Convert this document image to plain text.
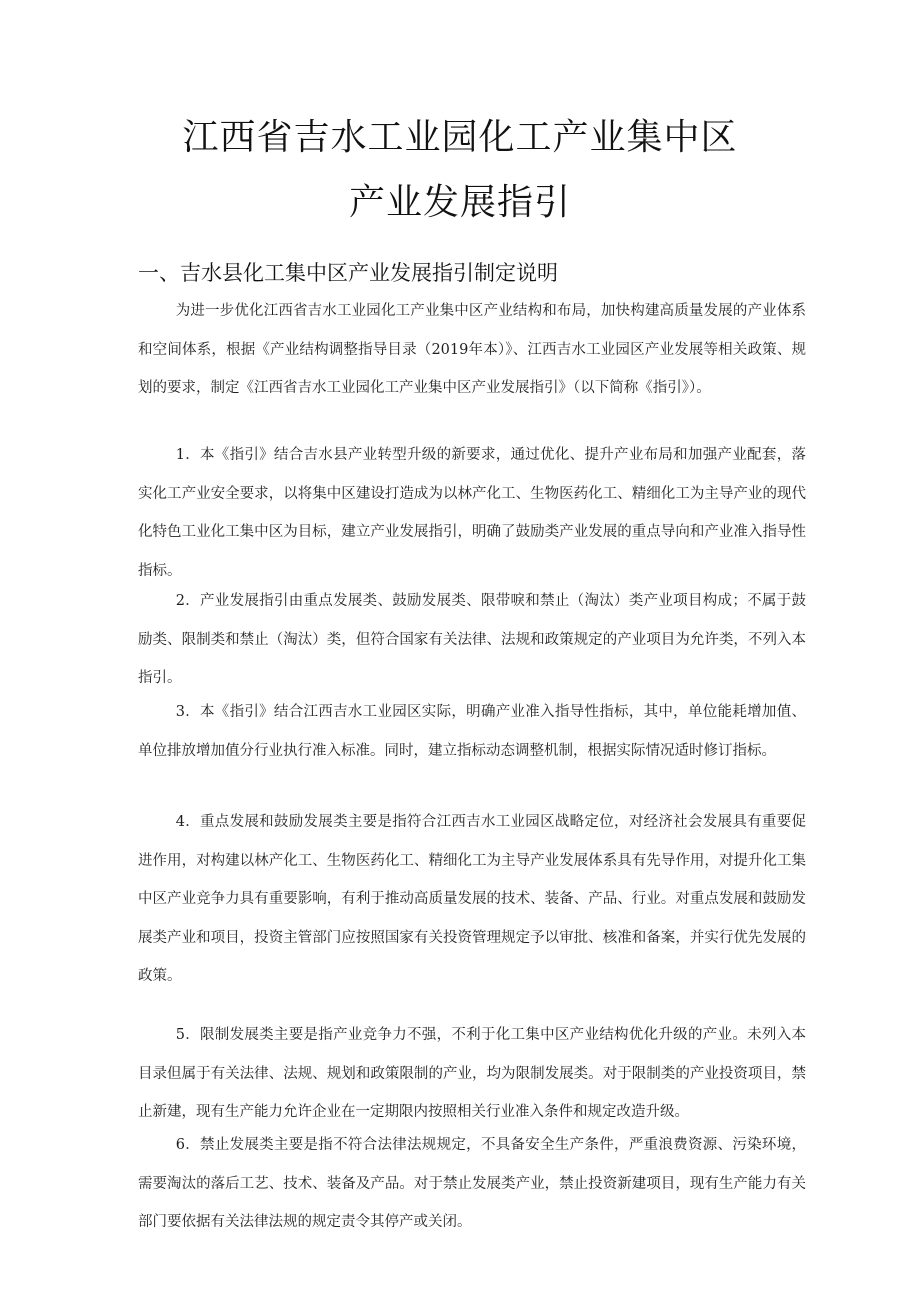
江西省吉水工业园化工产业集中区
产业发展指引
一、吉水县化工集中区产业发展指引制定说明

为进一步优化江西省吉水工业园化工产业集中区产业结构和布局，加快构建高质量发展的产业体系和空间体系，根据《产业结构调整指导目录（2019年本）》、江西吉水工业园区产业发展等相关政策、规划的要求，制定《江西省吉水工业园化工产业集中区产业发展指引》（以下简称《指引》）。

1．本《指引》结合吉水县产业转型升级的新要求，通过优化、提升产业布局和加强产业配套，落实化工产业安全要求，以将集中区建设打造成为以林产化工、生物医药化工、精细化工为主导产业的现代化特色工业化工集中区为目标，建立产业发展指引，明确了鼓励类产业发展的重点导向和产业准入指导性指标。

2．产业发展指引由重点发展类、鼓励发展类、限带唳和禁止（淘汰）类产业项目构成；不属于鼓励类、限制类和禁止（淘汰）类，但符合国家有关法律、法规和政策规定的产业项目为允许类，不列入本指引。

3．本《指引》结合江西吉水工业园区实际，明确产业准入指导性指标，其中，单位能耗增加值、单位排放增加值分行业执行准入标准。同时，建立指标动态调整机制，根据实际情况适时修订指标。

4．重点发展和鼓励发展类主要是指符合江西吉水工业园区战略定位，对经济社会发展具有重要促进作用，对构建以林产化工、生物医药化工、精细化工为主导产业发展体系具有先导作用，对提升化工集中区产业竞争力具有重要影响，有利于推动高质量发展的技术、装备、产品、行业。对重点发展和鼓励发展类产业和项目，投资主管部门应按照国家有关投资管理规定予以审批、核准和备案，并实行优先发展的政策。

5．限制发展类主要是指产业竞争力不强，不利于化工集中区产业结构优化升级的产业。未列入本目录但属于有关法律、法规、规划和政策限制的产业，均为限制发展类。对于限制类的产业投资项目，禁止新建，现有生产能力允许企业在一定期限内按照相关行业准入条件和规定改造升级。

6．禁止发展类主要是指不符合法律法规规定，不具备安全生产条件，严重浪费资源、污染环境，需要淘汰的落后工艺、技术、装备及产品。对于禁止发展类产业，禁止投资新建项目，现有生产能力有关部门要依据有关法律法规的规定责令其停产或关闭。
